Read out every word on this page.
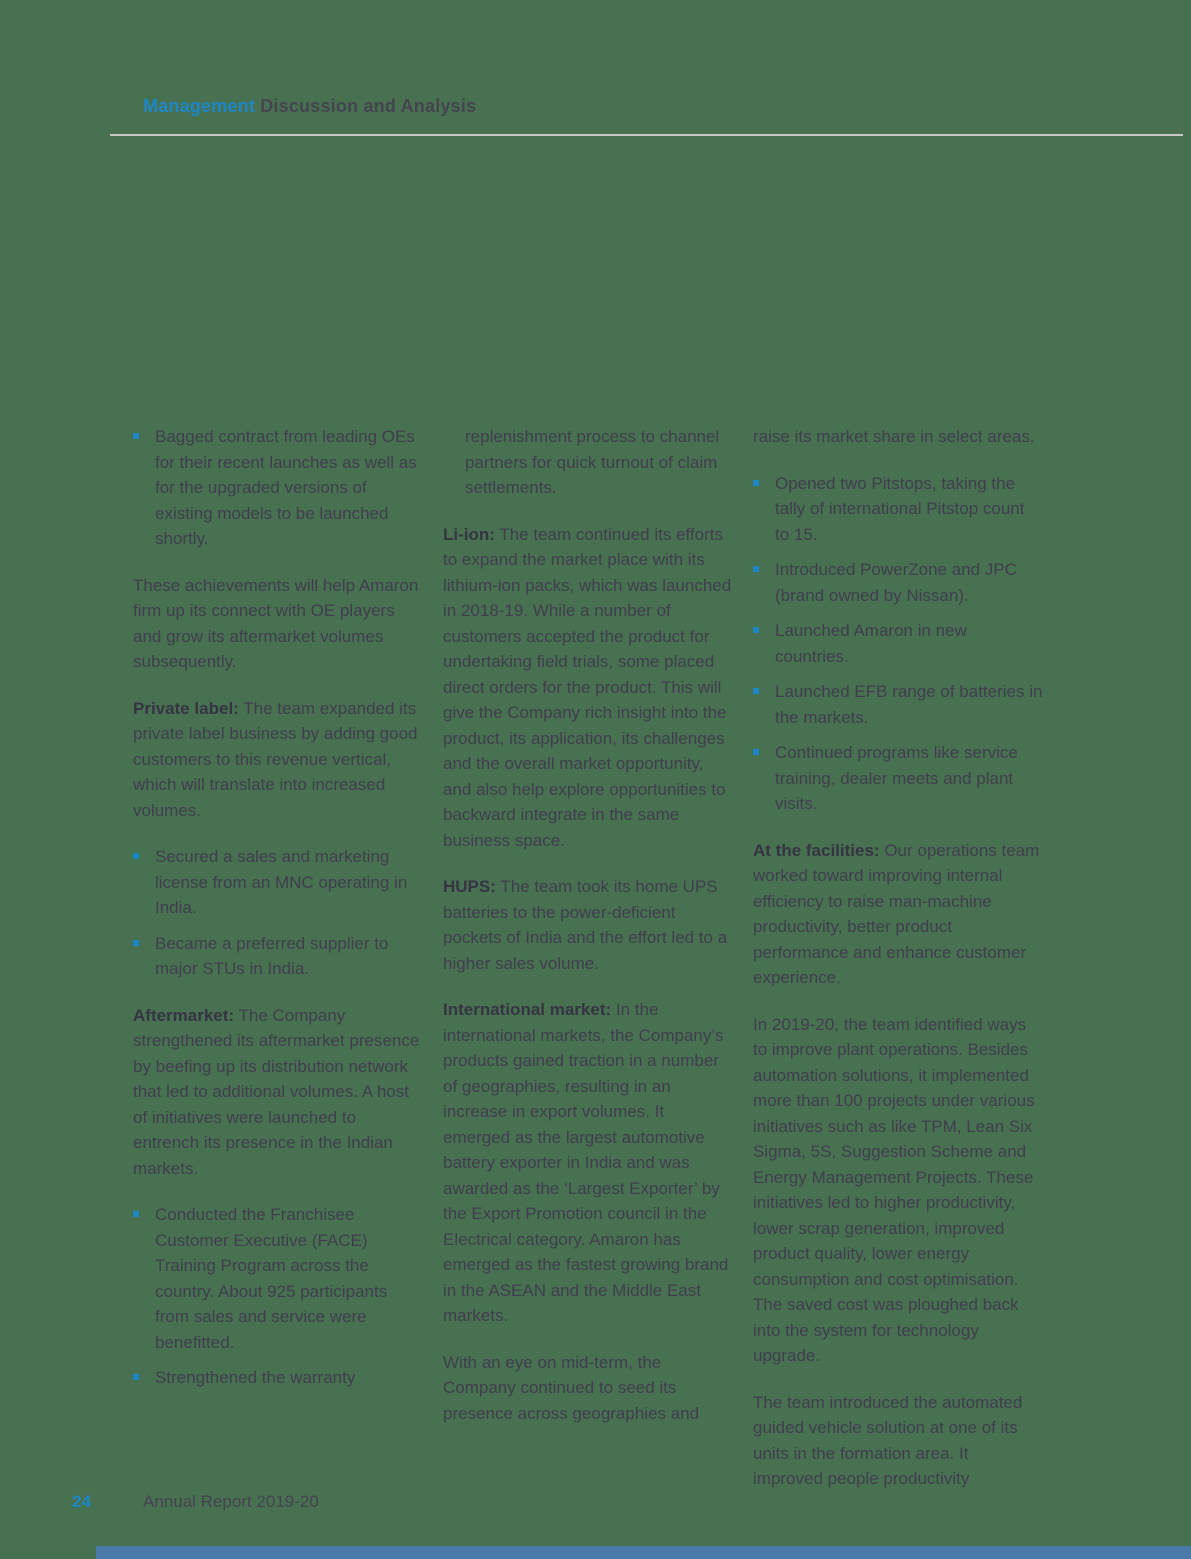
Management Discussion and Analysis
Bagged contract from leading OEs for their recent launches as well as for the upgraded versions of existing models to be launched shortly.

These achievements will help Amaron firm up its connect with OE players and grow its aftermarket volumes subsequently.

Private label: The team expanded its private label business by adding good customers to this revenue vertical, which will translate into increased volumes.

Secured a sales and marketing license from an MNC operating in India.
Became a preferred supplier to major STUs in India.

Aftermarket: The Company strengthened its aftermarket presence by beefing up its distribution network that led to additional volumes. A host of initiatives were launched to entrench its presence in the Indian markets.

Conducted the Franchisee Customer Executive (FACE) Training Program across the country. About 925 participants from sales and service were benefitted.
Strengthened the warranty

replenishment process to channel partners for quick turnout of claim settlements.

Li-ion: The team continued its efforts to expand the market place with its lithium-ion packs, which was launched in 2018-19. While a number of customers accepted the product for undertaking field trials, some placed direct orders for the product. This will give the Company rich insight into the product, its application, its challenges and the overall market opportunity, and also help explore opportunities to backward integrate in the same business space.

HUPS: The team took its home UPS batteries to the power-deficient pockets of India and the effort led to a higher sales volume.

International market: In the international markets, the Company’s products gained traction in a number of geographies, resulting in an increase in export volumes. It emerged as the largest automotive battery exporter in India and was awarded as the ‘Largest Exporter’ by the Export Promotion council in the Electrical category. Amaron has emerged as the fastest growing brand in the ASEAN and the Middle East markets.

With an eye on mid-term, the Company continued to seed its presence across geographies and

raise its market share in select areas.

Opened two Pitstops, taking the tally of international Pitstop count to 15.
Introduced PowerZone and JPC (brand owned by Nissan).
Launched Amaron in new countries.
Launched EFB range of batteries in the markets.
Continued programs like service training, dealer meets and plant visits.

At the facilities: Our operations team worked toward improving internal efficiency to raise man-machine productivity, better product performance and enhance customer experience.

In 2019-20, the team identified ways to improve plant operations. Besides automation solutions, it implemented more than 100 projects under various initiatives such as like TPM, Lean Six Sigma, 5S, Suggestion Scheme and Energy Management Projects. These initiatives led to higher productivity, lower scrap generation, improved product quality, lower energy consumption and cost optimisation. The saved cost was ploughed back into the system for technology upgrade.

The team introduced the automated guided vehicle solution at one of its units in the formation area. It improved people productivity

24	Annual Report 2019-20
